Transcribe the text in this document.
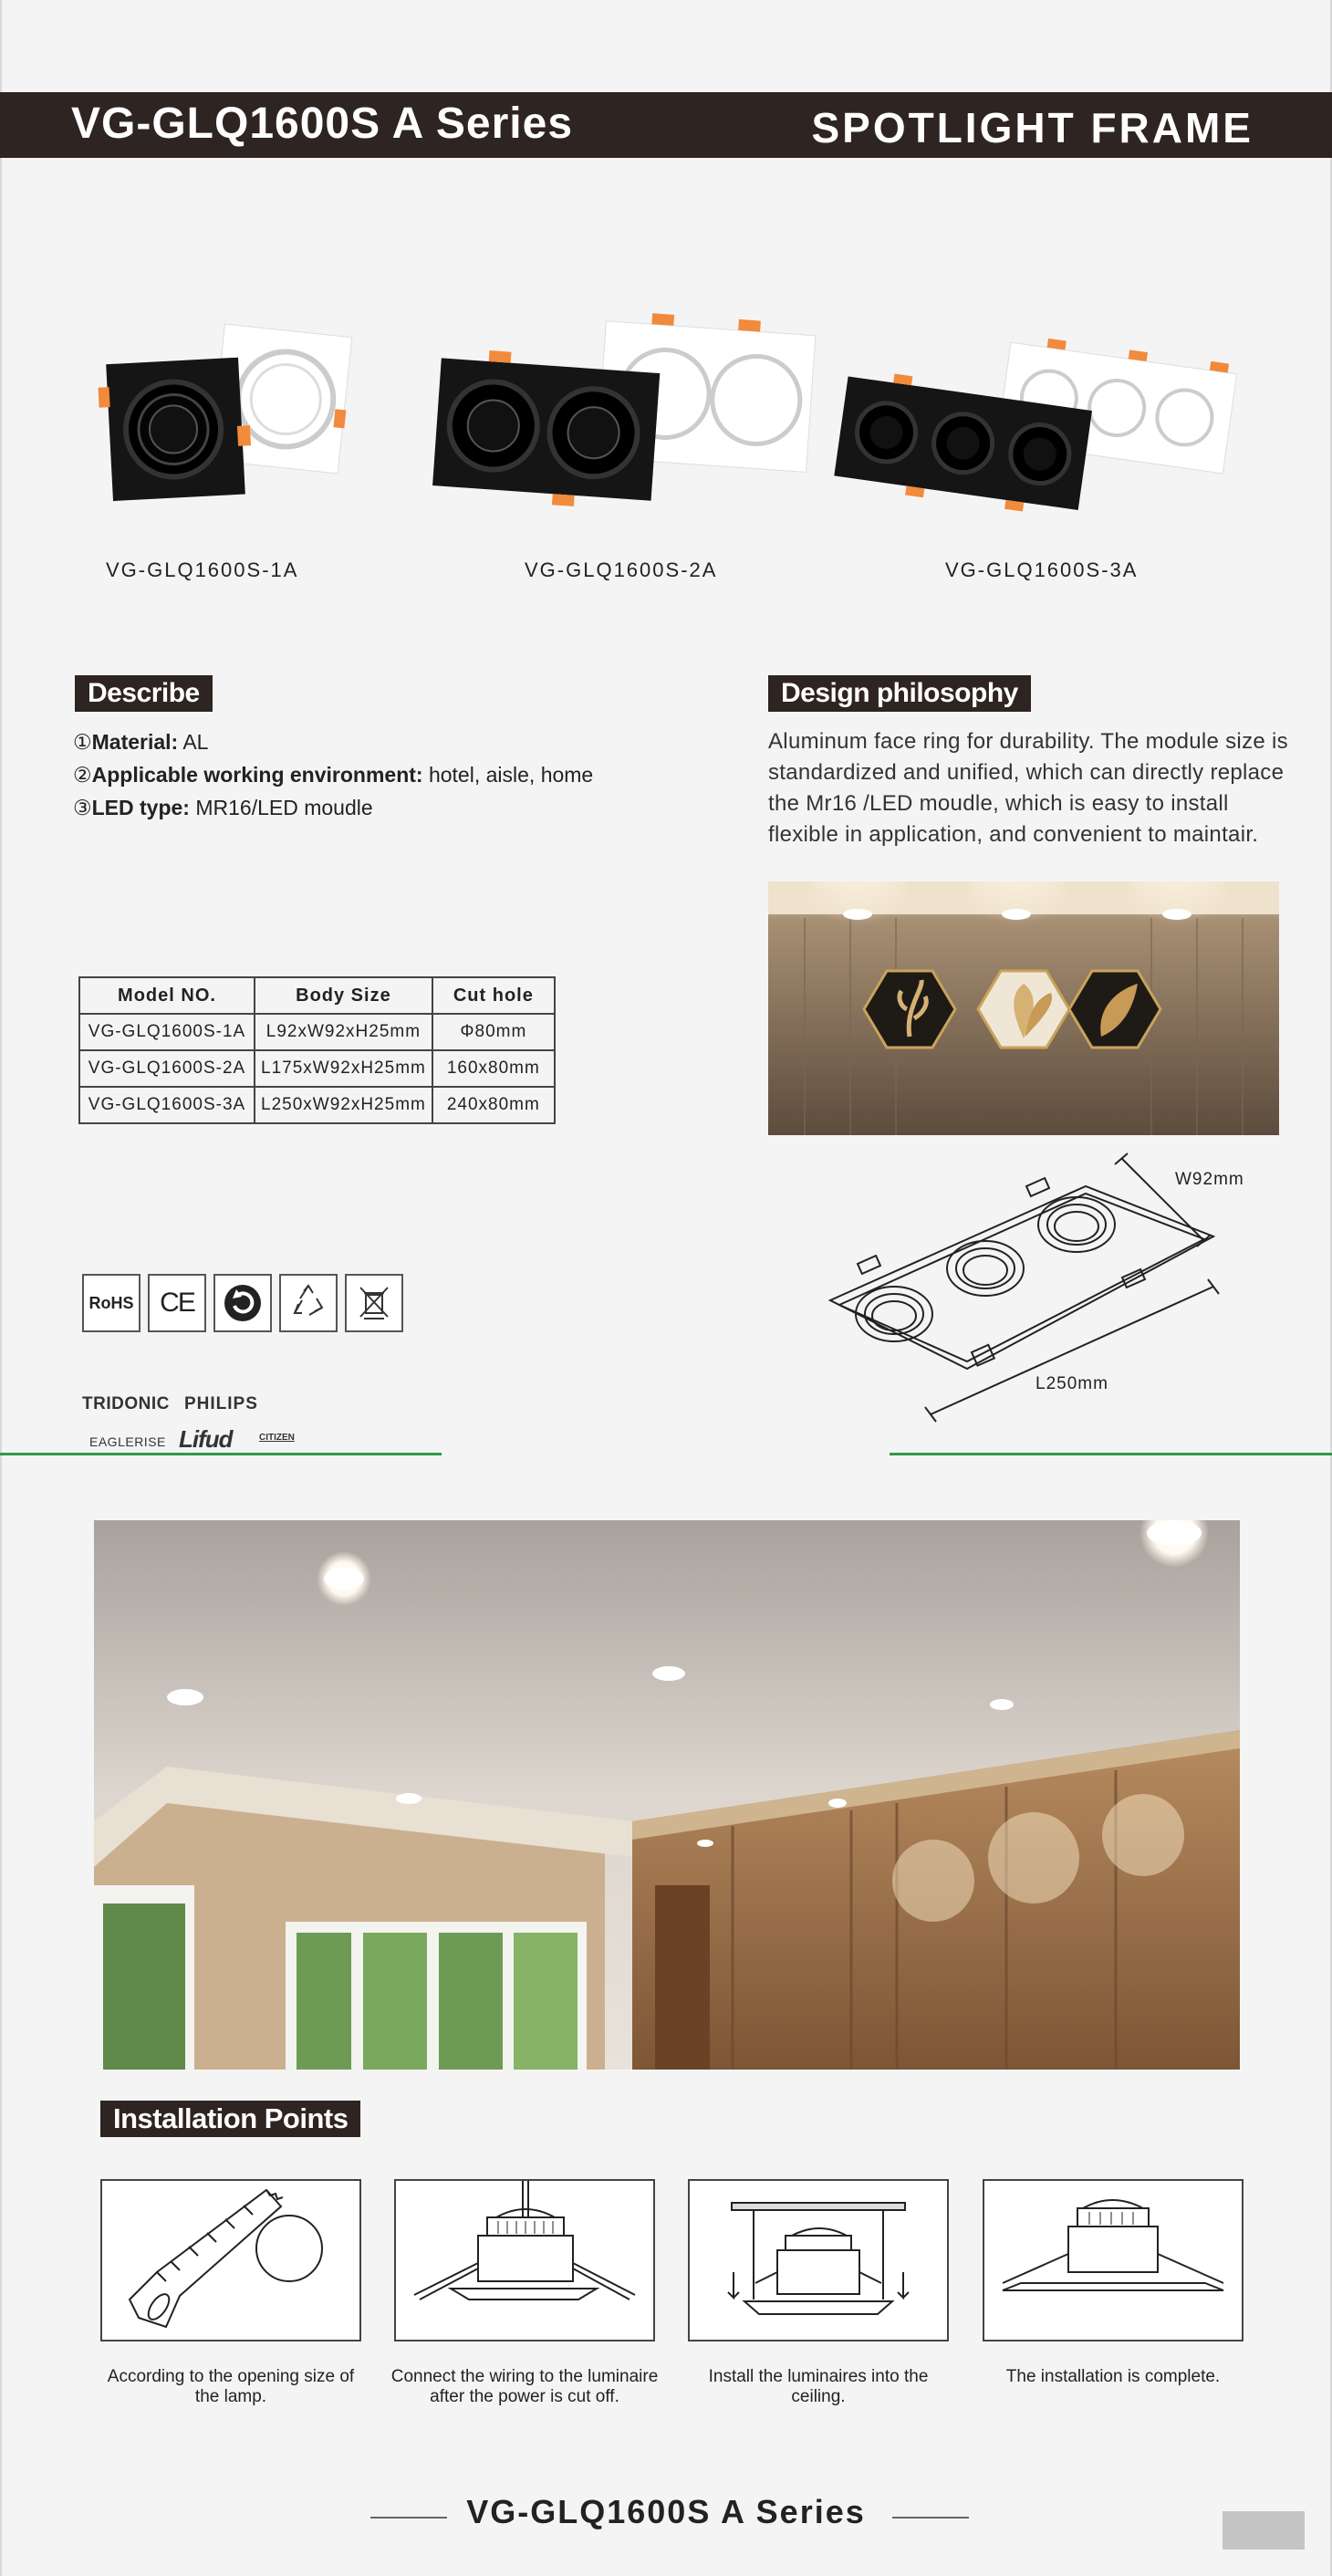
VG-GLQ1600S A Series	SPOTLIGHT FRAME
VG-GLQ1600S-1A	VG-GLQ1600S-2A	VG-GLQ1600S-3A
Describe
①Material: AL
②Applicable working environment: hotel, aisle, home
③LED type: MR16/LED moudle
Design philosophy
Aluminum face ring for durability. The module size is standardized and unified, which can directly replace the Mr16 /LED moudle, which is easy to install flexible in application, and convenient to maintair.
Model NO.	Body Size	Cut hole
VG-GLQ1600S-1A	L92xW92xH25mm	Φ80mm
VG-GLQ1600S-2A	L175xW92xH25mm	160x80mm
VG-GLQ1600S-3A	L250xW92xH25mm	240x80mm
W92mm
L250mm
RoHS CE
TRIDONIC PHILIPS
EAGLERISE Lifud	CITIZEN
Installation Points
According to the opening size of the lamp.
Connect the wiring to the luminaire after the power is cut off.
Install the luminaires into the ceiling.
The installation is complete.
VG-GLQ1600S A Series
